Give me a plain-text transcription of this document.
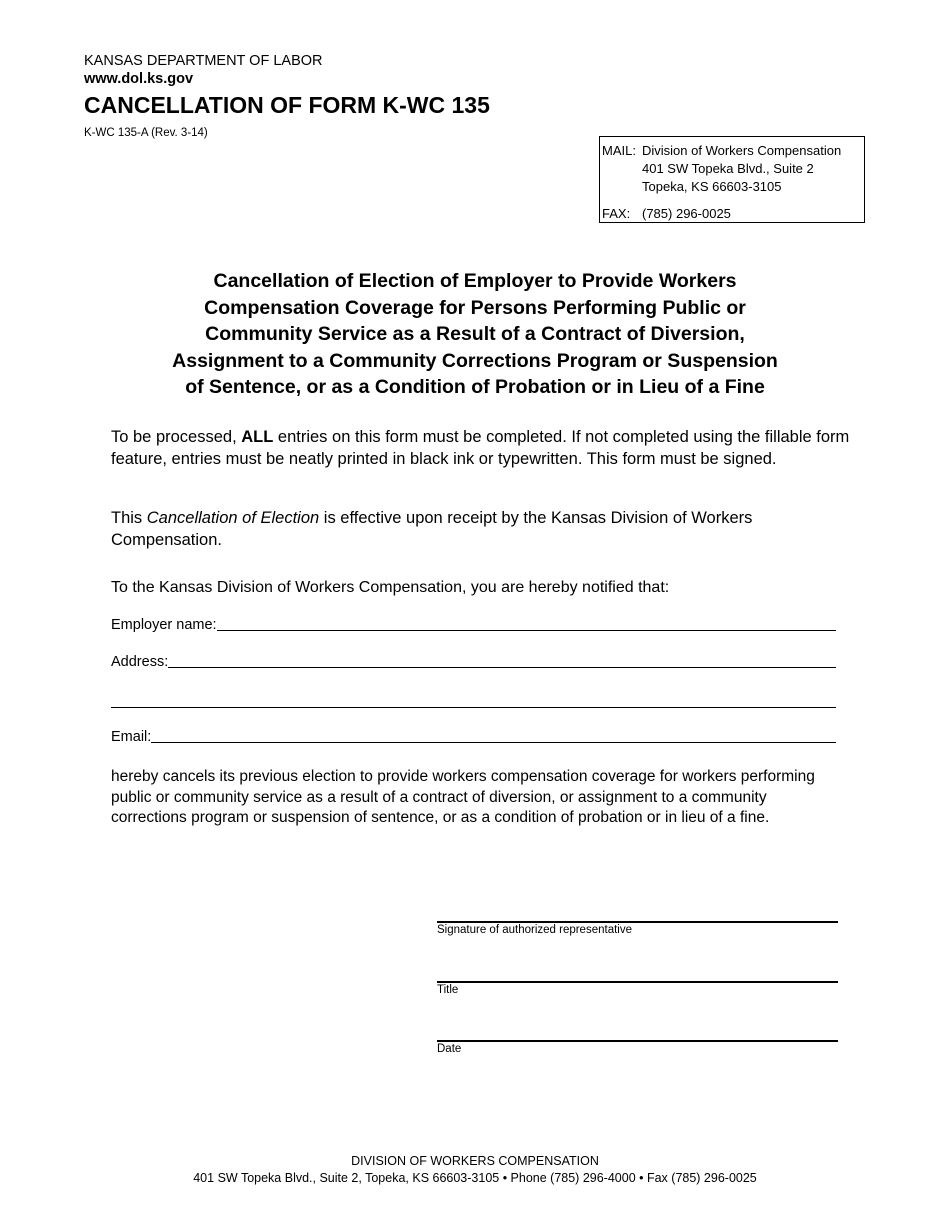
KANSAS DEPARTMENT OF LABOR
www.dol.ks.gov
CANCELLATION OF FORM K-WC 135
K-WC 135-A (Rev. 3-14)
MAIL: Division of Workers Compensation
401 SW Topeka Blvd., Suite 2
Topeka, KS 66603-3105
FAX: (785) 296-0025
Cancellation of Election of Employer to Provide Workers
Compensation Coverage for Persons Performing Public or
Community Service as a Result of a Contract of Diversion,
Assignment to a Community Corrections Program or Suspension
of Sentence, or as a Condition of Probation or in Lieu of a Fine

To be processed, ALL entries on this form must be completed. If not completed using the fillable form feature, entries must be neatly printed in black ink or typewritten. This form must be signed.

This Cancellation of Election is effective upon receipt by the Kansas Division of Workers Compensation.

To the Kansas Division of Workers Compensation, you are hereby notified that:
Employer name:
Address:
Email:

hereby cancels its previous election to provide workers compensation coverage for workers performing public or community service as a result of a contract of diversion, or assignment to a community corrections program or suspension of sentence, or as a condition of probation or in lieu of a fine.

Signature of authorized representative
Title
Date
DIVISION OF WORKERS COMPENSATION
401 SW Topeka Blvd., Suite 2, Topeka, KS 66603-3105 • Phone (785) 296-4000 • Fax (785) 296-0025
